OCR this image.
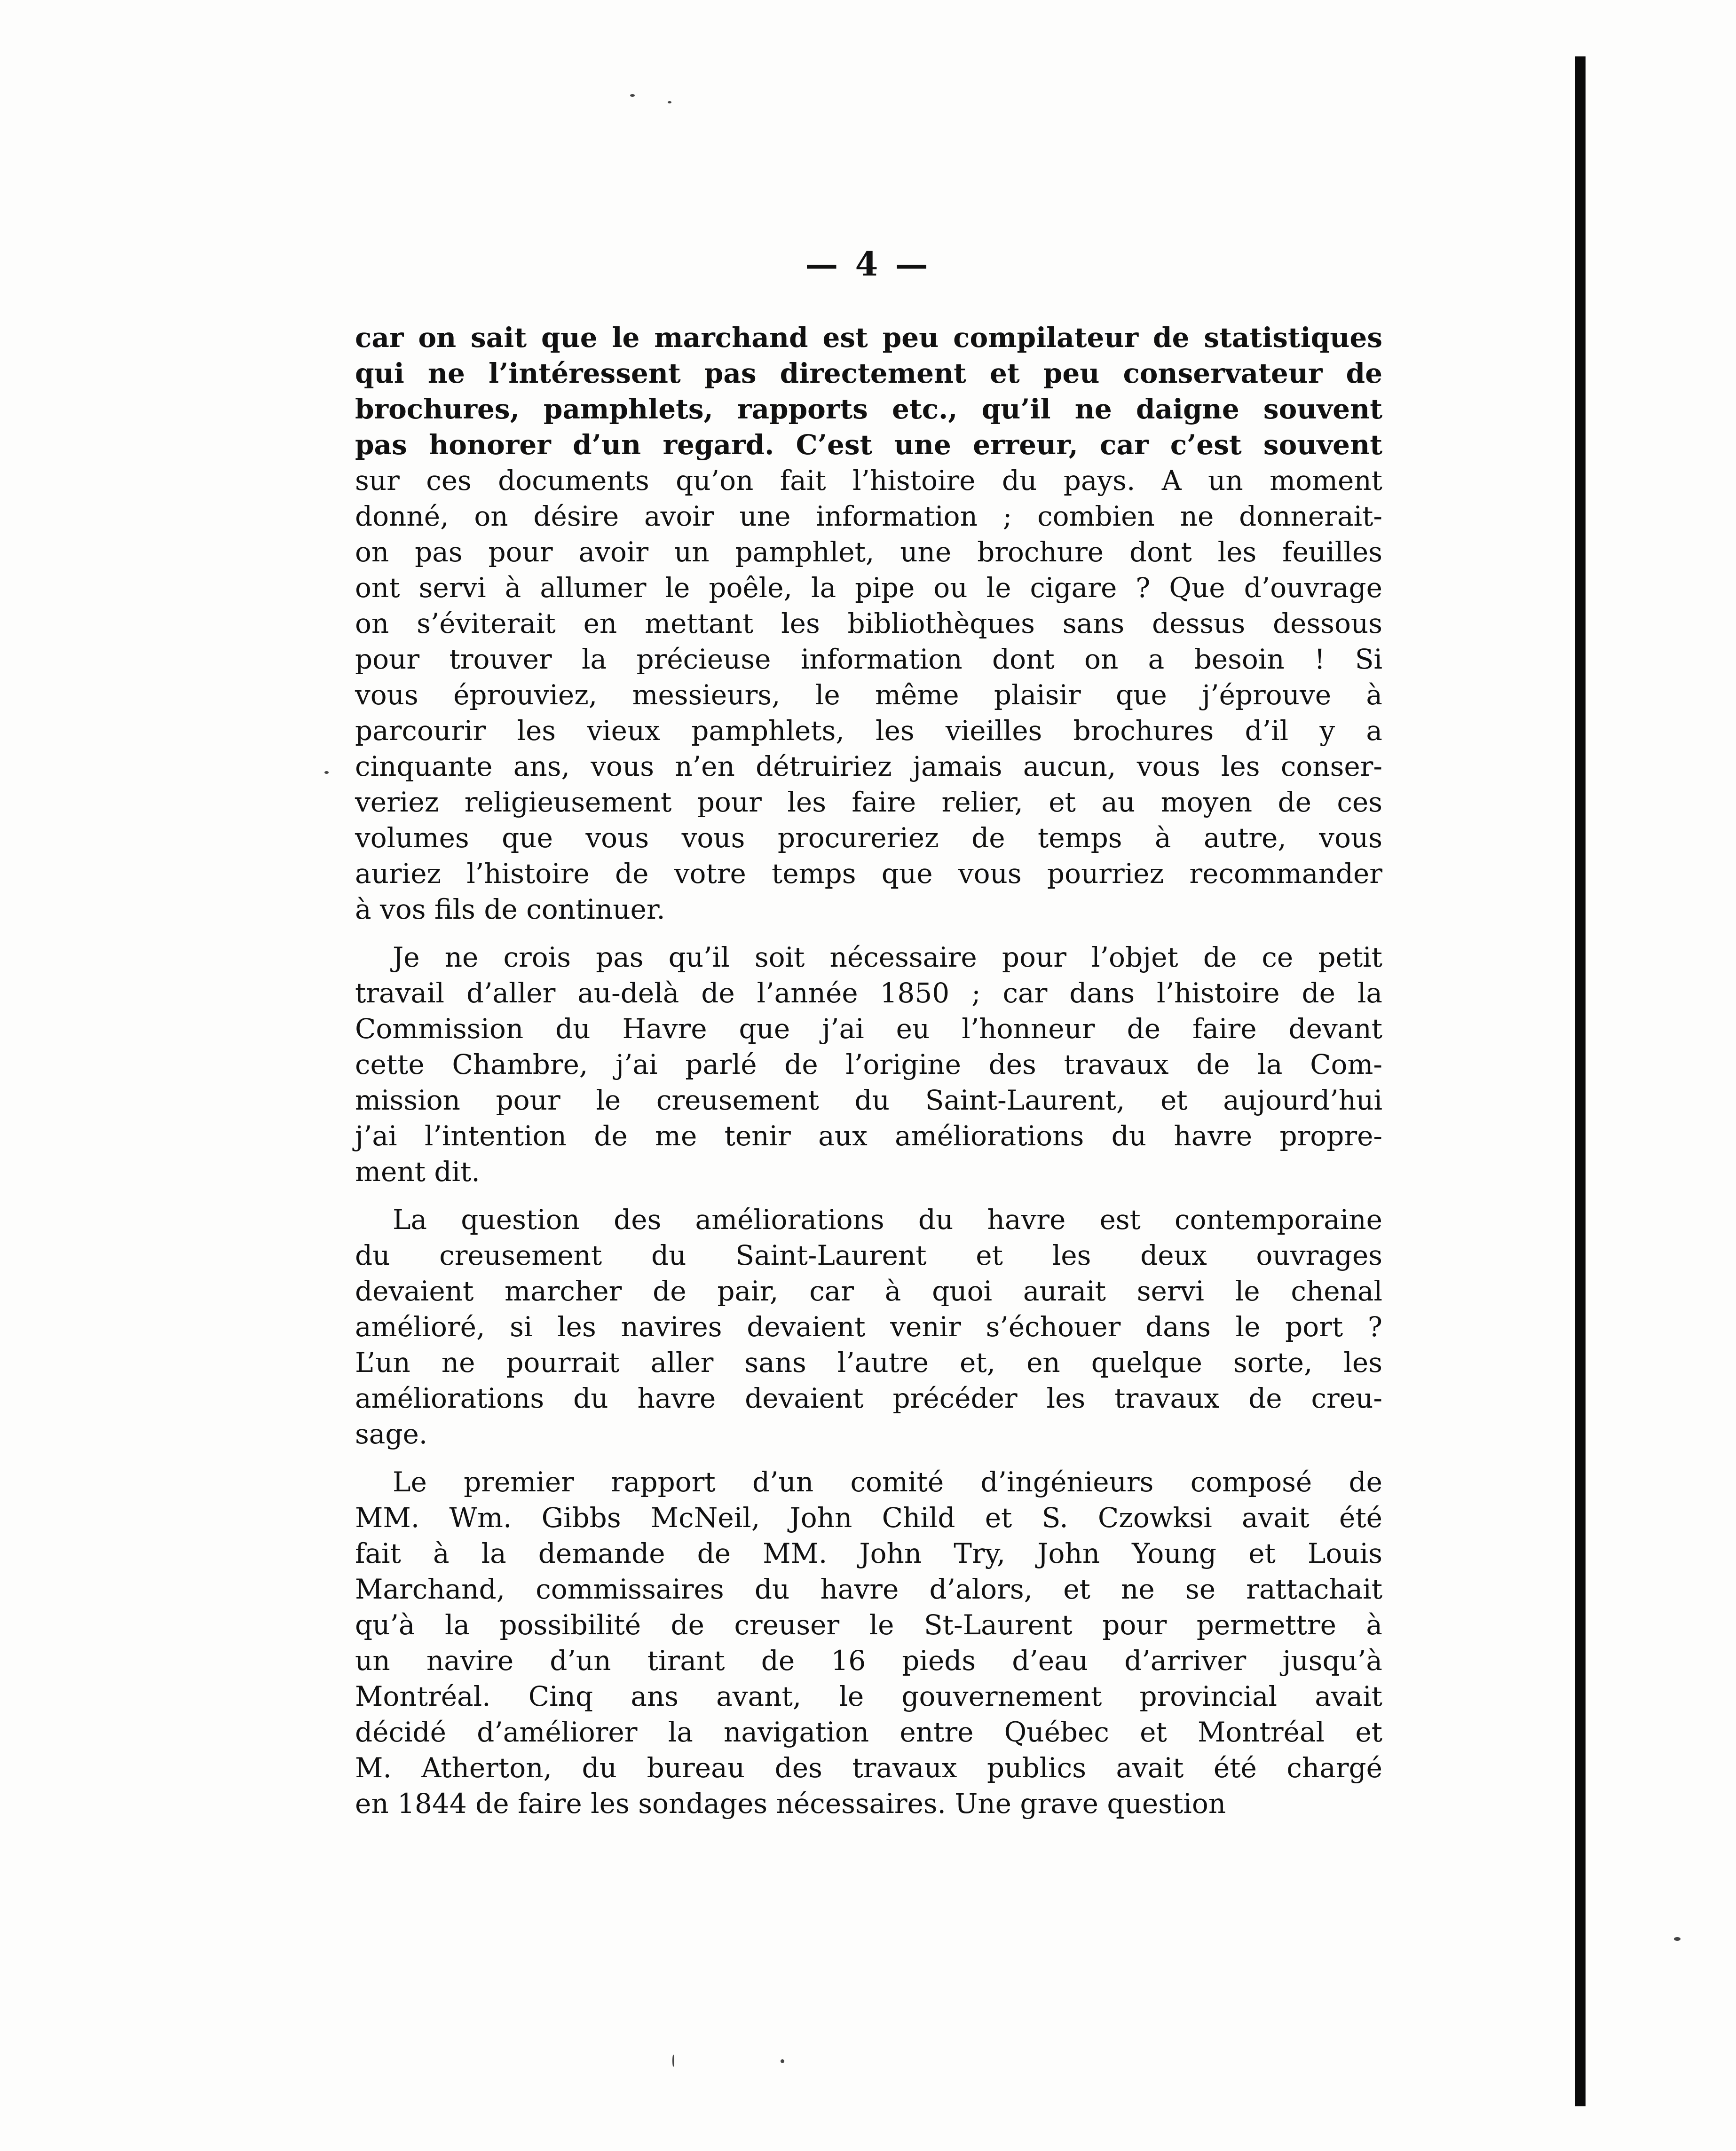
— 4 —
car on sait que le marchand est peu compilateur de statistiques
qui ne l’intéressent pas directement et peu conservateur de
brochures, pamphlets, rapports etc., qu’il ne daigne souvent
pas honorer d’un regard. C’est une erreur, car c’est souvent
sur ces documents qu’on fait l’histoire du pays. A un moment
donné, on désire avoir une information ; combien ne donnerait-
on pas pour avoir un pamphlet, une brochure dont les feuilles
ont servi à allumer le poêle, la pipe ou le cigare ? Que d’ouvrage
on s’éviterait en mettant les bibliothèques sans dessus dessous
pour trouver la précieuse information dont on a besoin ! Si
vous éprouviez, messieurs, le même plaisir que j’éprouve à
parcourir les vieux pamphlets, les vieilles brochures d’il y a
cinquante ans, vous n’en détruiriez jamais aucun, vous les conser-
veriez religieusement pour les faire relier, et au moyen de ces
volumes que vous vous procureriez de temps à autre, vous
auriez l’histoire de votre temps que vous pourriez recommander
à vos fils de continuer.
Je ne crois pas qu’il soit nécessaire pour l’objet de ce petit
travail d’aller au-delà de l’année 1850 ; car dans l’histoire de la
Commission du Havre que j’ai eu l’honneur de faire devant
cette Chambre, j’ai parlé de l’origine des travaux de la Com-
mission pour le creusement du Saint-Laurent, et aujourd’hui
j’ai l’intention de me tenir aux améliorations du havre propre-
ment dit.
La question des améliorations du havre est contemporaine
du creusement du Saint-Laurent et les deux ouvrages
devaient marcher de pair, car à quoi aurait servi le chenal
amélioré, si les navires devaient venir s’échouer dans le port ?
L’un ne pourrait aller sans l’autre et, en quelque sorte, les
améliorations du havre devaient précéder les travaux de creu-
sage.
Le premier rapport d’un comité d’ingénieurs composé de
MM. Wm. Gibbs McNeil, John Child et S. Czowksi avait été
fait à la demande de MM. John Try, John Young et Louis
Marchand, commissaires du havre d’alors, et ne se rattachait
qu’à la possibilité de creuser le St-Laurent pour permettre à
un navire d’un tirant de 16 pieds d’eau d’arriver jusqu’à
Montréal. Cinq ans avant, le gouvernement provincial avait
décidé d’améliorer la navigation entre Québec et Montréal et
M. Atherton, du bureau des travaux publics avait été chargé
en 1844 de faire les sondages nécessaires. Une grave question
